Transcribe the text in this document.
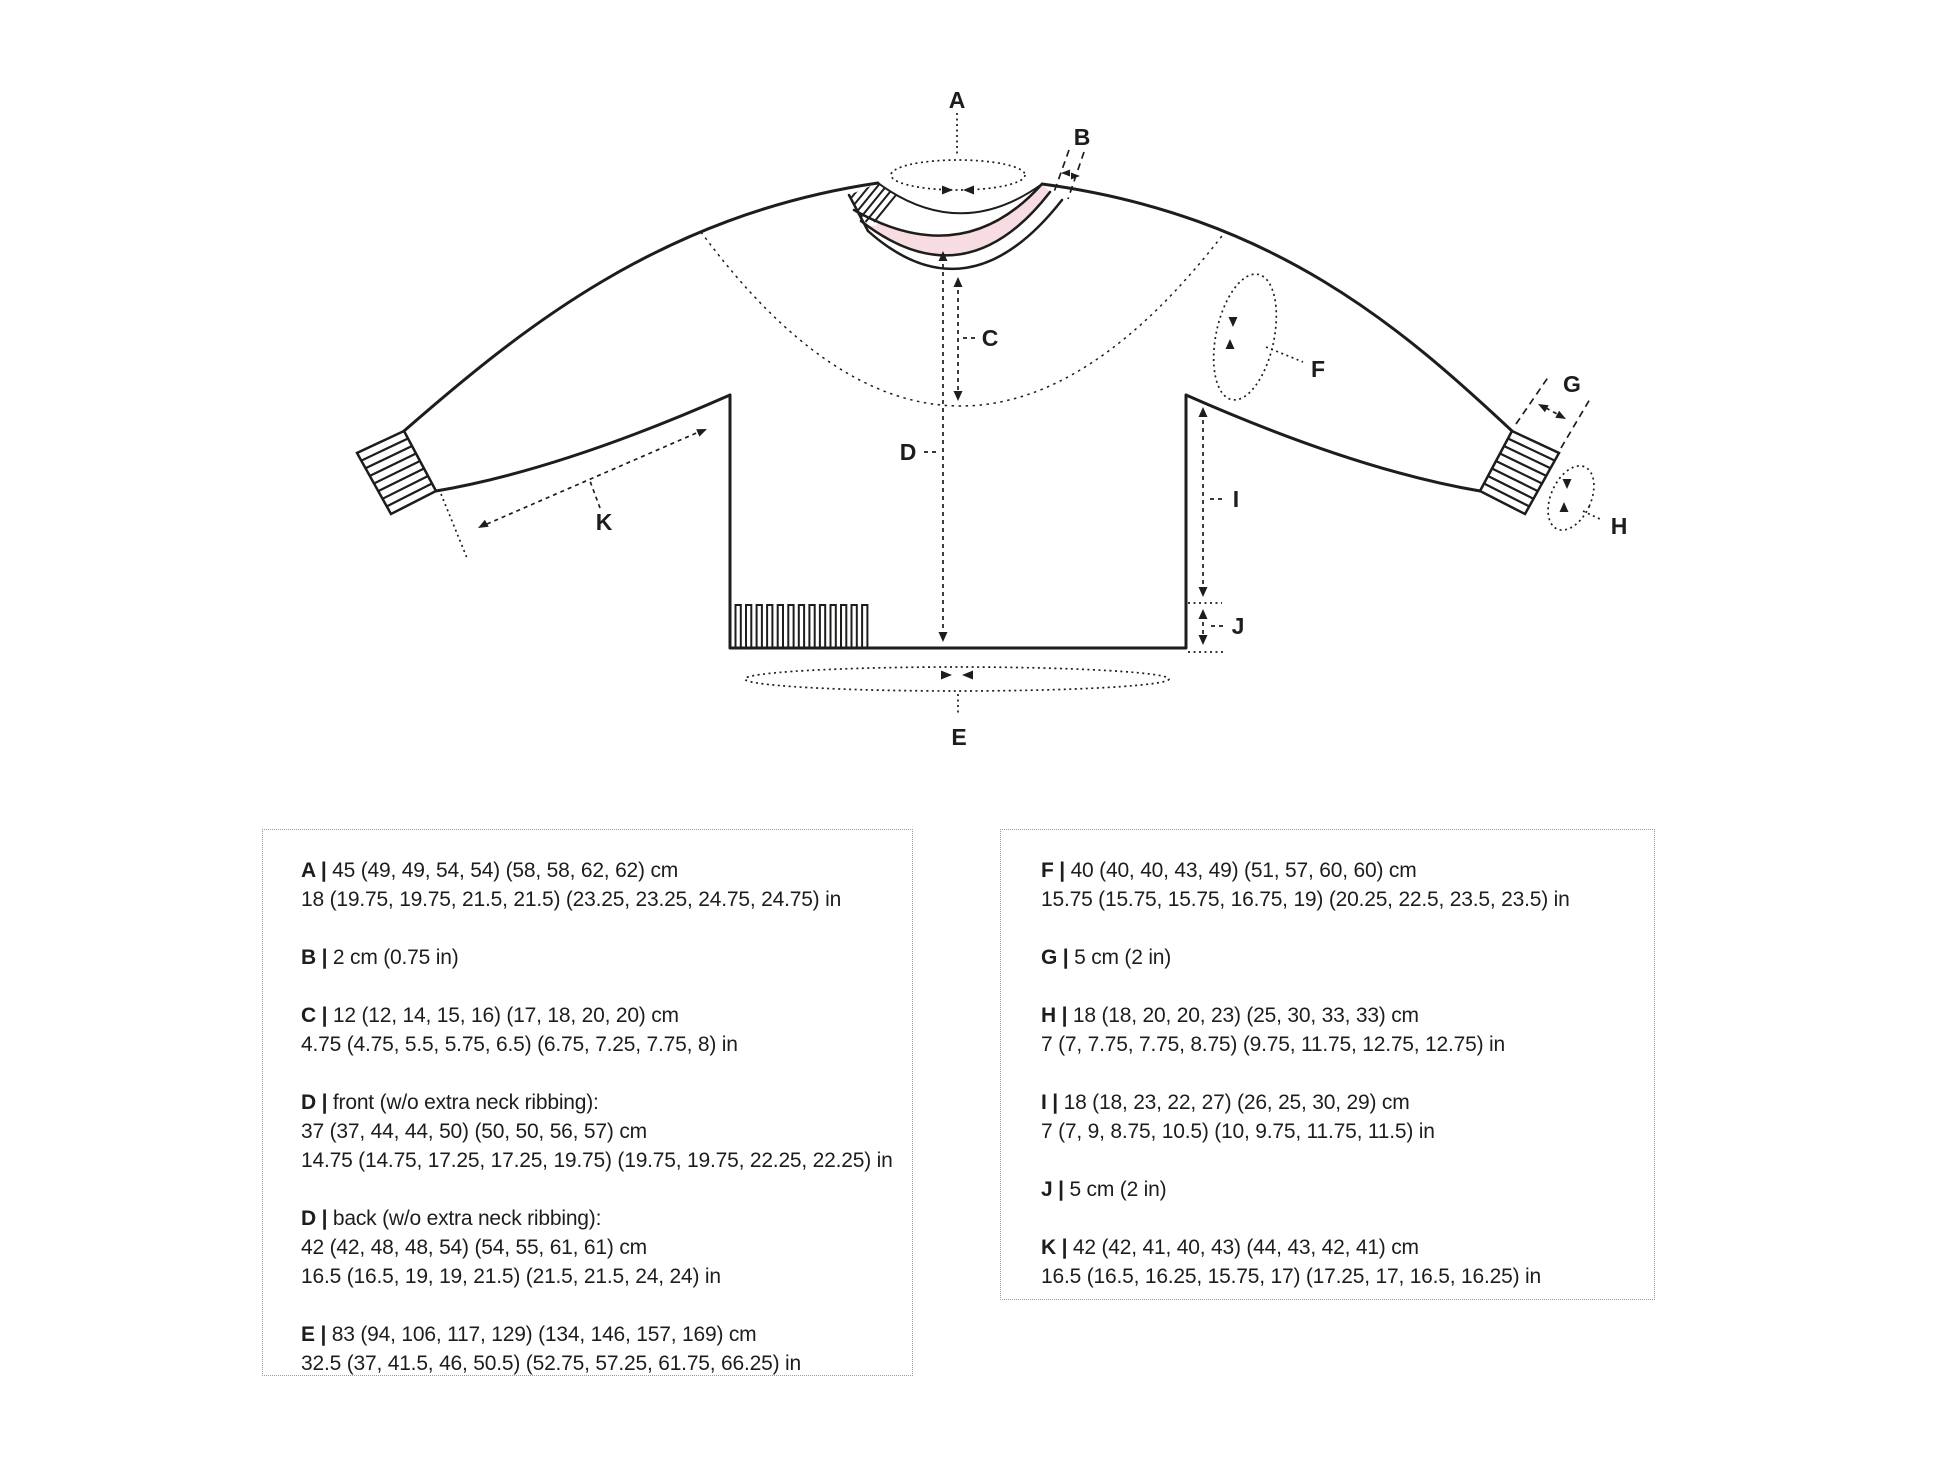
A
B
C
D
E
F
G
H
I
J
K

A | 45 (49, 49, 54, 54) (58, 58, 62, 62) cm
18 (19.75, 19.75, 21.5, 21.5) (23.25, 23.25, 24.75, 24.75) in

B | 2 cm (0.75 in)

C | 12 (12, 14, 15, 16) (17, 18, 20, 20) cm
4.75 (4.75, 5.5, 5.75, 6.5) (6.75, 7.25, 7.75, 8) in

D | front (w/o extra neck ribbing):
37 (37, 44, 44, 50) (50, 50, 56, 57) cm
14.75 (14.75, 17.25, 17.25, 19.75) (19.75, 19.75, 22.25, 22.25) in

D | back (w/o extra neck ribbing):
42 (42, 48, 48, 54) (54, 55, 61, 61) cm
16.5 (16.5, 19, 19, 21.5) (21.5, 21.5, 24, 24) in

E | 83 (94, 106, 117, 129) (134, 146, 157, 169) cm
32.5 (37, 41.5, 46, 50.5) (52.75, 57.25, 61.75, 66.25) in

F | 40 (40, 40, 43, 49) (51, 57, 60, 60) cm
15.75 (15.75, 15.75, 16.75, 19) (20.25, 22.5, 23.5, 23.5) in

G | 5 cm (2 in)

H | 18 (18, 20, 20, 23) (25, 30, 33, 33) cm
7 (7, 7.75, 7.75, 8.75) (9.75, 11.75, 12.75, 12.75) in

I | 18 (18, 23, 22, 27) (26, 25, 30, 29) cm
7 (7, 9, 8.75, 10.5) (10, 9.75, 11.75, 11.5) in

J | 5 cm (2 in)

K | 42 (42, 41, 40, 43) (44, 43, 42, 41) cm
16.5 (16.5, 16.25, 15.75, 17) (17.25, 17, 16.5, 16.25) in
